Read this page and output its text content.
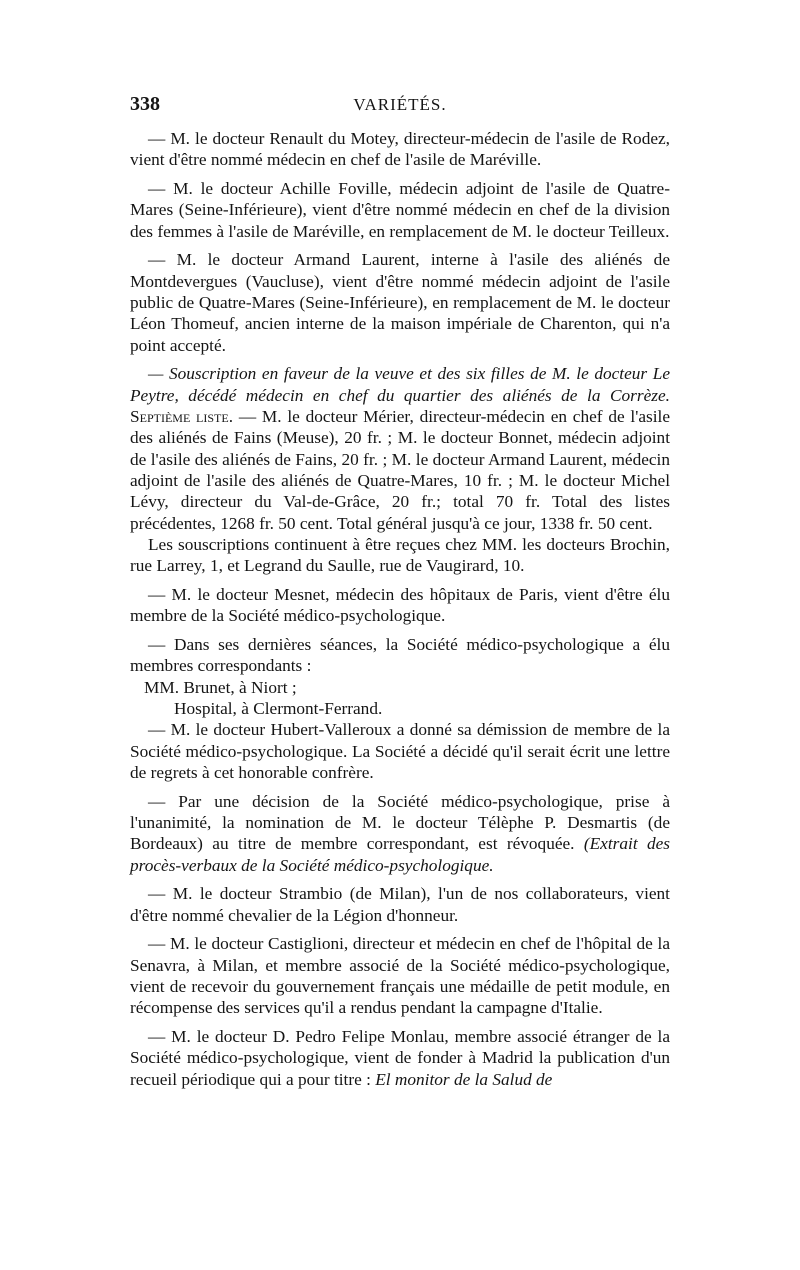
338	VARIÉTÉS.

— M. le docteur Renault du Motey, directeur-médecin de l'asile de Rodez, vient d'être nommé médecin en chef de l'asile de Maréville.

— M. le docteur Achille Foville, médecin adjoint de l'asile de Quatre-Mares (Seine-Inférieure), vient d'être nommé médecin en chef de la division des femmes à l'asile de Maréville, en remplacement de M. le docteur Teilleux.

— M. le docteur Armand Laurent, interne à l'asile des aliénés de Montdevergues (Vaucluse), vient d'être nommé médecin adjoint de l'asile public de Quatre-Mares (Seine-Inférieure), en remplacement de M. le docteur Léon Thomeuf, ancien interne de la maison impériale de Charenton, qui n'a point accepté.

— Souscription en faveur de la veuve et des six filles de M. le docteur Le Peytre, décédé médecin en chef du quartier des aliénés de la Corrèze. Septième liste. — M. le docteur Mérier, directeur-médecin en chef de l'asile des aliénés de Fains (Meuse), 20 fr. ; M. le docteur Bonnet, médecin adjoint de l'asile des aliénés de Fains, 20 fr. ; M. le docteur Armand Laurent, médecin adjoint de l'asile des aliénés de Quatre-Mares, 10 fr. ; M. le docteur Michel Lévy, directeur du Val-de-Grâce, 20 fr.; total 70 fr. Total des listes précédentes, 1268 fr. 50 cent. Total général jusqu'à ce jour, 1338 fr. 50 cent.

Les souscriptions continuent à être reçues chez MM. les docteurs Brochin, rue Larrey, 1, et Legrand du Saulle, rue de Vaugirard, 10.

— M. le docteur Mesnet, médecin des hôpitaux de Paris, vient d'être élu membre de la Société médico-psychologique.

— Dans ses dernières séances, la Société médico-psychologique a élu membres correspondants :

MM. Brunet, à Niort ;

Hospital, à Clermont-Ferrand.

— M. le docteur Hubert-Valleroux a donné sa démission de membre de la Société médico-psychologique. La Société a décidé qu'il serait écrit une lettre de regrets à cet honorable confrère.

— Par une décision de la Société médico-psychologique, prise à l'unanimité, la nomination de M. le docteur Télèphe P. Desmartis (de Bordeaux) au titre de membre correspondant, est révoquée. (Extrait des procès-verbaux de la Société médico-psychologique.

— M. le docteur Strambio (de Milan), l'un de nos collaborateurs, vient d'être nommé chevalier de la Légion d'honneur.

— M. le docteur Castiglioni, directeur et médecin en chef de l'hôpital de la Senavra, à Milan, et membre associé de la Société médico-psychologique, vient de recevoir du gouvernement français une médaille de petit module, en récompense des services qu'il a rendus pendant la campagne d'Italie.

— M. le docteur D. Pedro Felipe Monlau, membre associé étranger de la Société médico-psychologique, vient de fonder à Madrid la publication d'un recueil périodique qui a pour titre : El monitor de la Salud de
